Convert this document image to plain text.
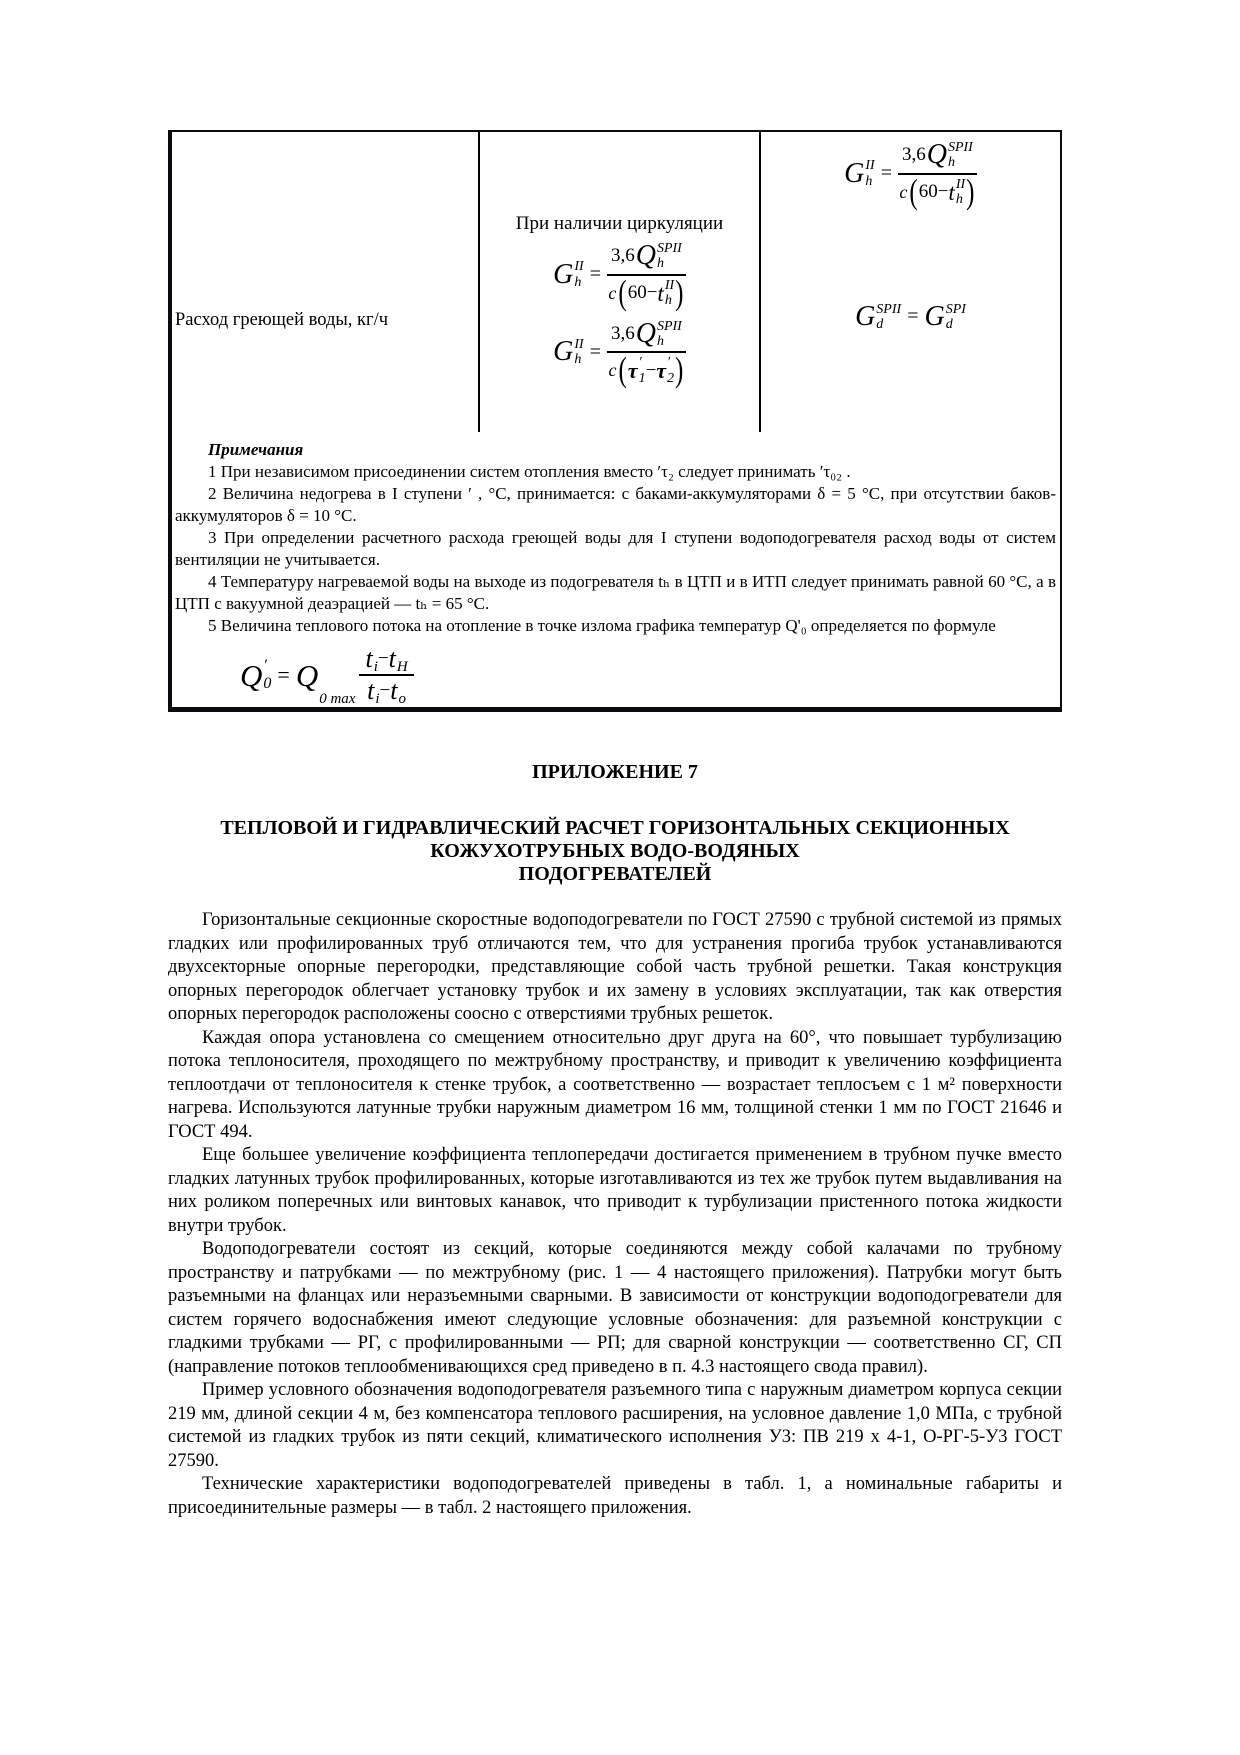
Расход греющей воды, кг/ч
При наличии циркуляции
G II
h =
3,6 Q SPII
h
c ( 60 − t II
h )
G II
h =
3,6 Q SPII
h
c ( τ ′
1 − τ ′
2 )
G II
h =
3,6 Q SPII
h
c ( 60 − t II
h )
G SPII
d = G SPI
d

Примечания

1 При независимом присоединении систем отопления вместо ′τ₂ следует принимать ′τ₀₂ .

2 Величина недогрева в I ступени ′ , °С, принимается: с баками-аккумуляторами δ = 5 °С, при отсутствии баков-аккумуляторов δ = 10 °С.

3 При определении расчетного расхода греющей воды для I ступени водоподогревателя расход воды от систем вентиляции не учитывается.

4 Температуру нагреваемой воды на выходе из подогревателя tₕ в ЦТП и в ИТП следует принимать равной 60 °С, а в ЦТП с вакуумной деаэрацией — tₕ = 65 °С.

5 Величина теплового потока на отопление в точке излома графика температур Q'₀ определяется по формуле

Q ′
0 = Q
0 max
t i − t H
t i − t o
ПРИЛОЖЕНИЕ 7
ТЕПЛОВОЙ И ГИДРАВЛИЧЕСКИЙ РАСЧЕТ ГОРИЗОНТАЛЬНЫХ СЕКЦИОННЫХ
КОЖУХОТРУБНЫХ ВОДО-ВОДЯНЫХ
ПОДОГРЕВАТЕЛЕЙ

Горизонтальные секционные скоростные водоподогреватели по ГОСТ 27590 с трубной системой из прямых гладких или профилированных труб отличаются тем, что для устранения прогиба трубок устанавливаются двухсекторные опорные перегородки, представляющие собой часть трубной решетки. Такая конструкция опорных перегородок облегчает установку трубок и их замену в условиях эксплуатации, так как отверстия опорных перегородок расположены соосно с отверстиями трубных решеток.

Каждая опора установлена со смещением относительно друг друга на 60°, что повышает турбулизацию потока теплоносителя, проходящего по межтрубному пространству, и приводит к увеличению коэффициента теплоотдачи от теплоносителя к стенке трубок, а соответственно — возрастает теплосъем с 1 м² поверхности нагрева. Используются латунные трубки наружным диаметром 16 мм, толщиной стенки 1 мм по ГОСТ 21646 и ГОСТ 494.

Еще большее увеличение коэффициента теплопередачи достигается применением в трубном пучке вместо гладких латунных трубок профилированных, которые изготавливаются из тех же трубок путем выдавливания на них роликом поперечных или винтовых канавок, что приводит к турбулизации пристенного потока жидкости внутри трубок.

Водоподогреватели состоят из секций, которые соединяются между собой калачами по трубному пространству и патрубками — по межтрубному (рис. 1 — 4 настоящего приложения). Патрубки могут быть разъемными на фланцах или неразъемными сварными. В зависимости от конструкции водоподогреватели для систем горячего водоснабжения имеют следующие условные обозначения: для разъемной конструкции с гладкими трубками — РГ, с профилированными — РП; для сварной конструкции — соответственно СГ, СП (направление потоков теплообменивающихся сред приведено в п. 4.3 настоящего свода правил).

Пример условного обозначения водоподогревателя разъемного типа с наружным диаметром корпуса секции 219 мм, длиной секции 4 м, без компенсатора теплового расширения, на условное давление 1,0 МПа, с трубной системой из гладких трубок из пяти секций, климатического исполнения У3: ПВ 219 х 4-1, О-РГ-5-У3 ГОСТ 27590.

Технические характеристики водоподогревателей приведены в табл. 1, а номинальные габариты и присоединительные размеры — в табл. 2 настоящего приложения.
